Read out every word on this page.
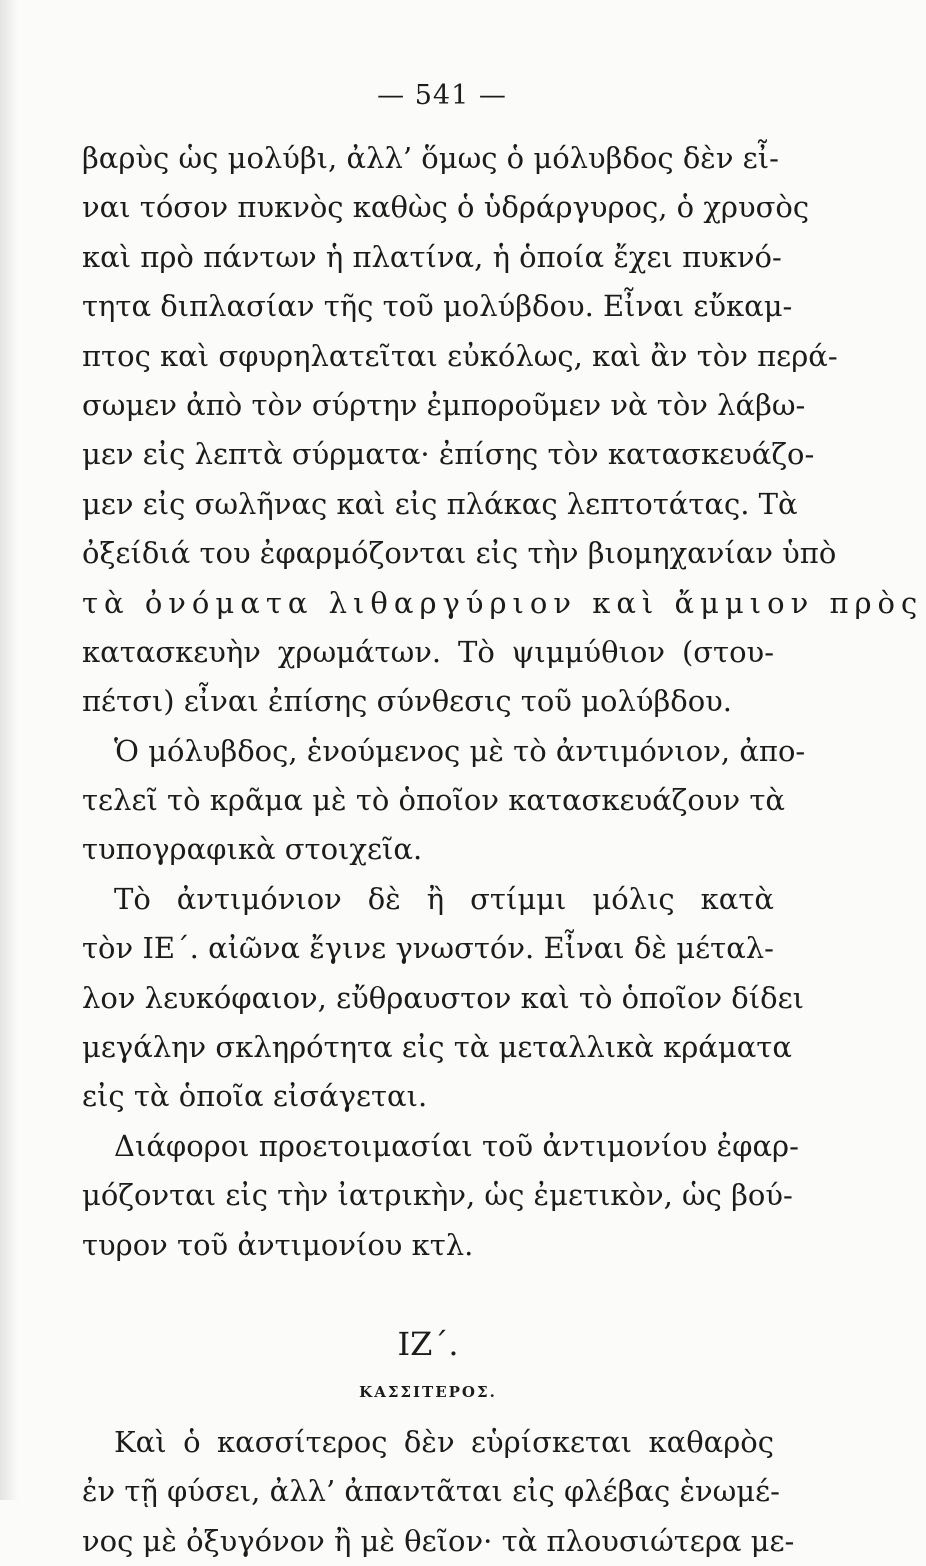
— 541 —
βαρὺς ὡς μολύβι, ἀλλ’ ὅμως ὁ μόλυβδος δὲν εἶ-
ναι τόσον πυκνὸς καθὼς ὁ ὑδράργυρος, ὁ χρυσὸς
καὶ πρὸ πάντων ἡ πλατίνα, ἡ ὁποία ἔχει πυκνό-
τητα διπλασίαν τῆς τοῦ μολύβδου. Εἶναι εὔκαμ-
πτος καὶ σφυρηλατεῖται εὐκόλως, καὶ ἂν τὸν περά-
σωμεν ἀπὸ τὸν σύρτην ἐμποροῦμεν νὰ τὸν λάβω-
μεν εἰς λεπτὰ σύρματα· ἐπίσης τὸν κατασκευάζο-
μεν εἰς σωλῆνας καὶ εἰς πλάκας λεπτοτάτας. Τὰ
ὀξείδιά του ἐφαρμόζονται εἰς τὴν βιομηχανίαν ὑπὸ
τὰ ὀνόματα λιθαργύριον καὶ ἄμμιον πρὸς
κατασκευὴν χρωμάτων. Τὸ ψιμμύθιον (στου-
πέτσι) εἶναι ἐπίσης σύνθεσις τοῦ μολύβδου.
Ὁ μόλυβδος, ἑνούμενος μὲ τὸ ἀντιμόνιον, ἀπο-
τελεῖ τὸ κρᾶμα μὲ τὸ ὁποῖον κατασκευάζουν τὰ
τυπογραφικὰ στοιχεῖα.
Τὸ ἀντιμόνιον δὲ ἢ στίμμι μόλις κατὰ
τὸν ΙΕ΄. αἰῶνα ἔγινε γνωστόν. Εἶναι δὲ μέταλ-
λον λευκόφαιον, εὔθραυστον καὶ τὸ ὁποῖον δίδει
μεγάλην σκληρότητα εἰς τὰ μεταλλικὰ κράματα
εἰς τὰ ὁποῖα εἰσάγεται.
Διάφοροι προετοιμασίαι τοῦ ἀντιμονίου ἐφαρ-
μόζονται εἰς τὴν ἰατρικὴν, ὡς ἐμετικὸν, ὡς βού-
τυρον τοῦ ἀντιμονίου κτλ.
ΙΖ΄.
ΚΑΣΣΙΤΕΡΟΣ.
Καὶ ὁ κασσίτερος δὲν εὑρίσκεται καθαρὸς
ἐν τῇ φύσει, ἀλλ’ ἀπαντᾶται εἰς φλέβας ἑνωμέ-
νος μὲ ὀξυγόνον ἢ μὲ θεῖον· τὰ πλουσιώτερα με-
